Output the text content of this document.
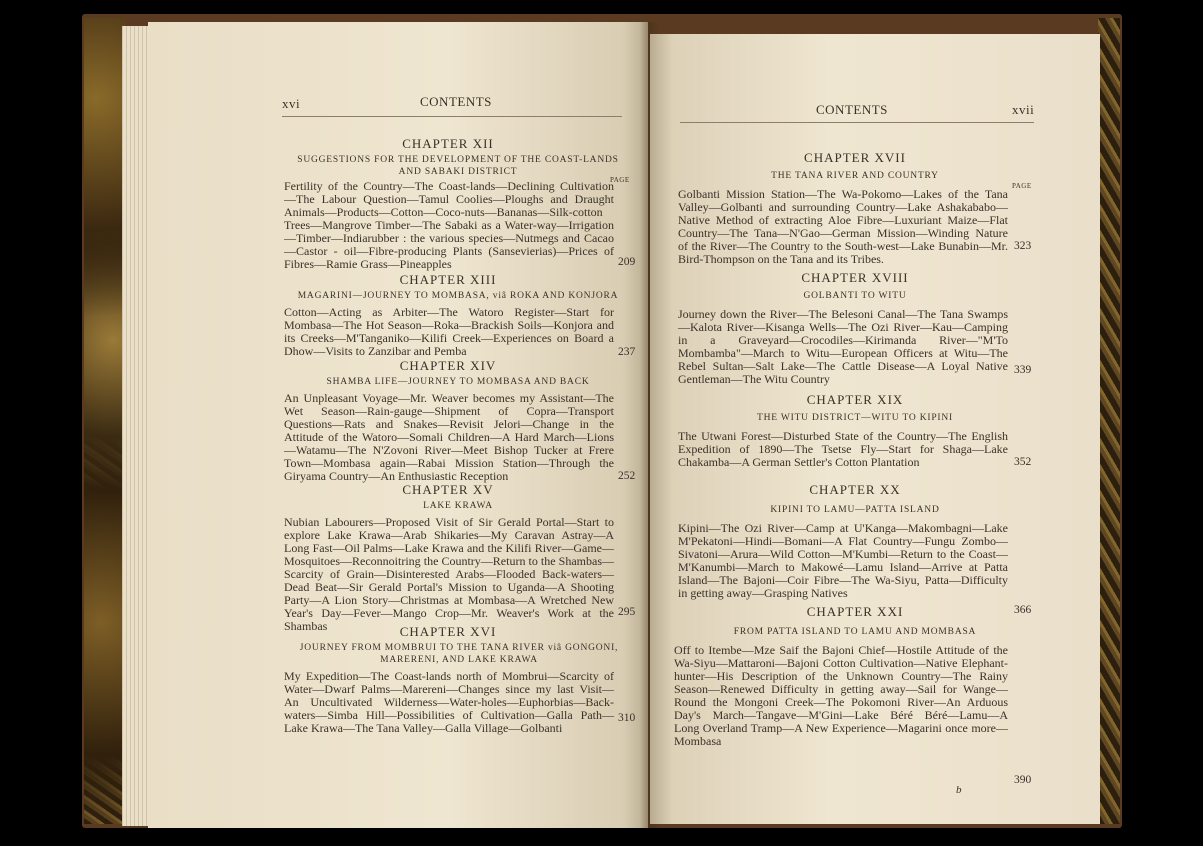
xvi	CONTENTS
CHAPTER XII
SUGGESTIONS FOR THE DEVELOPMENT OF THE COAST-LANDS AND SABAKI DISTRICT
PAGE
Fertility of the Country—The Coast-lands—Declining Cultivation—The Labour Question—Tamul Coolies—Ploughs and Draught Animals—Products—Cotton—Coco-nuts—Bananas—Silk-cotton Trees—Mangrove Timber—The Sabaki as a Water-way—Irrigation—Timber—Indiarubber : the various species—Nutmegs and Cacao—Castor - oil—Fibre-producing Plants (Sansevierias)—Prices of Fibres—Ramie Grass—Pineapples	209
CHAPTER XIII
MAGARINI—JOURNEY TO MOMBASA, viâ ROKA AND KONJORA
Cotton—Acting as Arbiter—The Watoro Register—Start for Mombasa—The Hot Season—Roka—Brackish Soils—Konjora and its Creeks—M'Tanganiko—Kilifi Creek—Experiences on Board a Dhow—Visits to Zanzibar and Pemba	237
CHAPTER XIV
SHAMBA LIFE—JOURNEY TO MOMBASA AND BACK
An Unpleasant Voyage—Mr. Weaver becomes my Assistant—The Wet Season—Rain-gauge—Shipment of Copra—Transport Questions—Rats and Snakes—Revisit Jelori—Change in the Attitude of the Watoro—Somali Children—A Hard March—Lions—Watamu—The N'Zovoni River—Meet Bishop Tucker at Frere Town—Mombasa again—Rabai Mission Station—Through the Giryama Country—An Enthusiastic Reception	252
CHAPTER XV
LAKE KRAWA
Nubian Labourers—Proposed Visit of Sir Gerald Portal—Start to explore Lake Krawa—Arab Shikaries—My Caravan Astray—A Long Fast—Oil Palms—Lake Krawa and the Kilifi River—Game—Mosquitoes—Reconnoitring the Country—Return to the Shambas—Scarcity of Grain—Disinterested Arabs—Flooded Back-waters—Dead Beat—Sir Gerald Portal's Mission to Uganda—A Shooting Party—A Lion Story—Christmas at Mombasa—A Wretched New Year's Day—Fever—Mango Crop—Mr. Weaver's Work at the Shambas
295
CHAPTER XVI
JOURNEY FROM MOMBRUI TO THE TANA RIVER viâ GONGONI, MARERENI, AND LAKE KRAWA
My Expedition—The Coast-lands north of Mombrui—Scarcity of Water—Dwarf Palms—Marereni—Changes since my last Visit—An Uncultivated Wilderness—Water-holes—Euphorbias—Back-waters—Simba Hill—Possibilities of Cultivation—Galla Path—Lake Krawa—The Tana Valley—Galla Village—Golbanti
310
CONTENTS	xvii
CHAPTER XVII
THE TANA RIVER AND COUNTRY
PAGE
Golbanti Mission Station—The Wa-Pokomo—Lakes of the Tana Valley—Golbanti and surrounding Country—Lake Ashakababo—Native Method of extracting Aloe Fibre—Luxuriant Maize—Flat Country—The Tana—N'Gao—German Mission—Winding Nature of the River—The Country to the South-west—Lake Bunabin—Mr. Bird-Thompson on the Tana and its Tribes.
323
CHAPTER XVIII
GOLBANTI TO WITU
Journey down the River—The Belesoni Canal—The Tana Swamps—Kalota River—Kisanga Wells—The Ozi River—Kau—Camping in a Graveyard—Crocodiles—Kirimanda River—"M'To Mombamba"—March to Witu—European Officers at Witu—The Rebel Sultan—Salt Lake—The Cattle Disease—A Loyal Native Gentleman—The Witu Country
339
CHAPTER XIX
THE WITU DISTRICT—WITU TO KIPINI
The Utwani Forest—Disturbed State of the Country—The English Expedition of 1890—The Tsetse Fly—Start for Shaga—Lake Chakamba—A German Settler's Cotton Plantation	352
CHAPTER XX
KIPINI TO LAMU—PATTA ISLAND
Kipini—The Ozi River—Camp at U'Kanga—Makombagni—Lake M'Pekatoni—Hindi—Bomani—A Flat Country—Fungu Zombo—Sivatoni—Arura—Wild Cotton—M'Kumbi—Return to the Coast—M'Kanumbi—March to Makowé—Lamu Island—Arrive at Patta Island—The Bajoni—Coir Fibre—The Wa-Siyu, Patta—Difficulty in getting away—Grasping Natives
366
CHAPTER XXI
FROM PATTA ISLAND TO LAMU AND MOMBASA
Off to Itembe—Mze Saif the Bajoni Chief—Hostile Attitude of the Wa-Siyu—Mattaroni—Bajoni Cotton Cultivation—Native Elephant-hunter—His Description of the Unknown Country—The Rainy Season—Renewed Difficulty in getting away—Sail for Wange—Round the Mongoni Creek—The Pokomoni River—An Arduous Day's March—Tangave—M'Gini—Lake Béré Béré—Lamu—A Long Overland Tramp—A New Experience—Magarini once more—Mombasa
390
b
